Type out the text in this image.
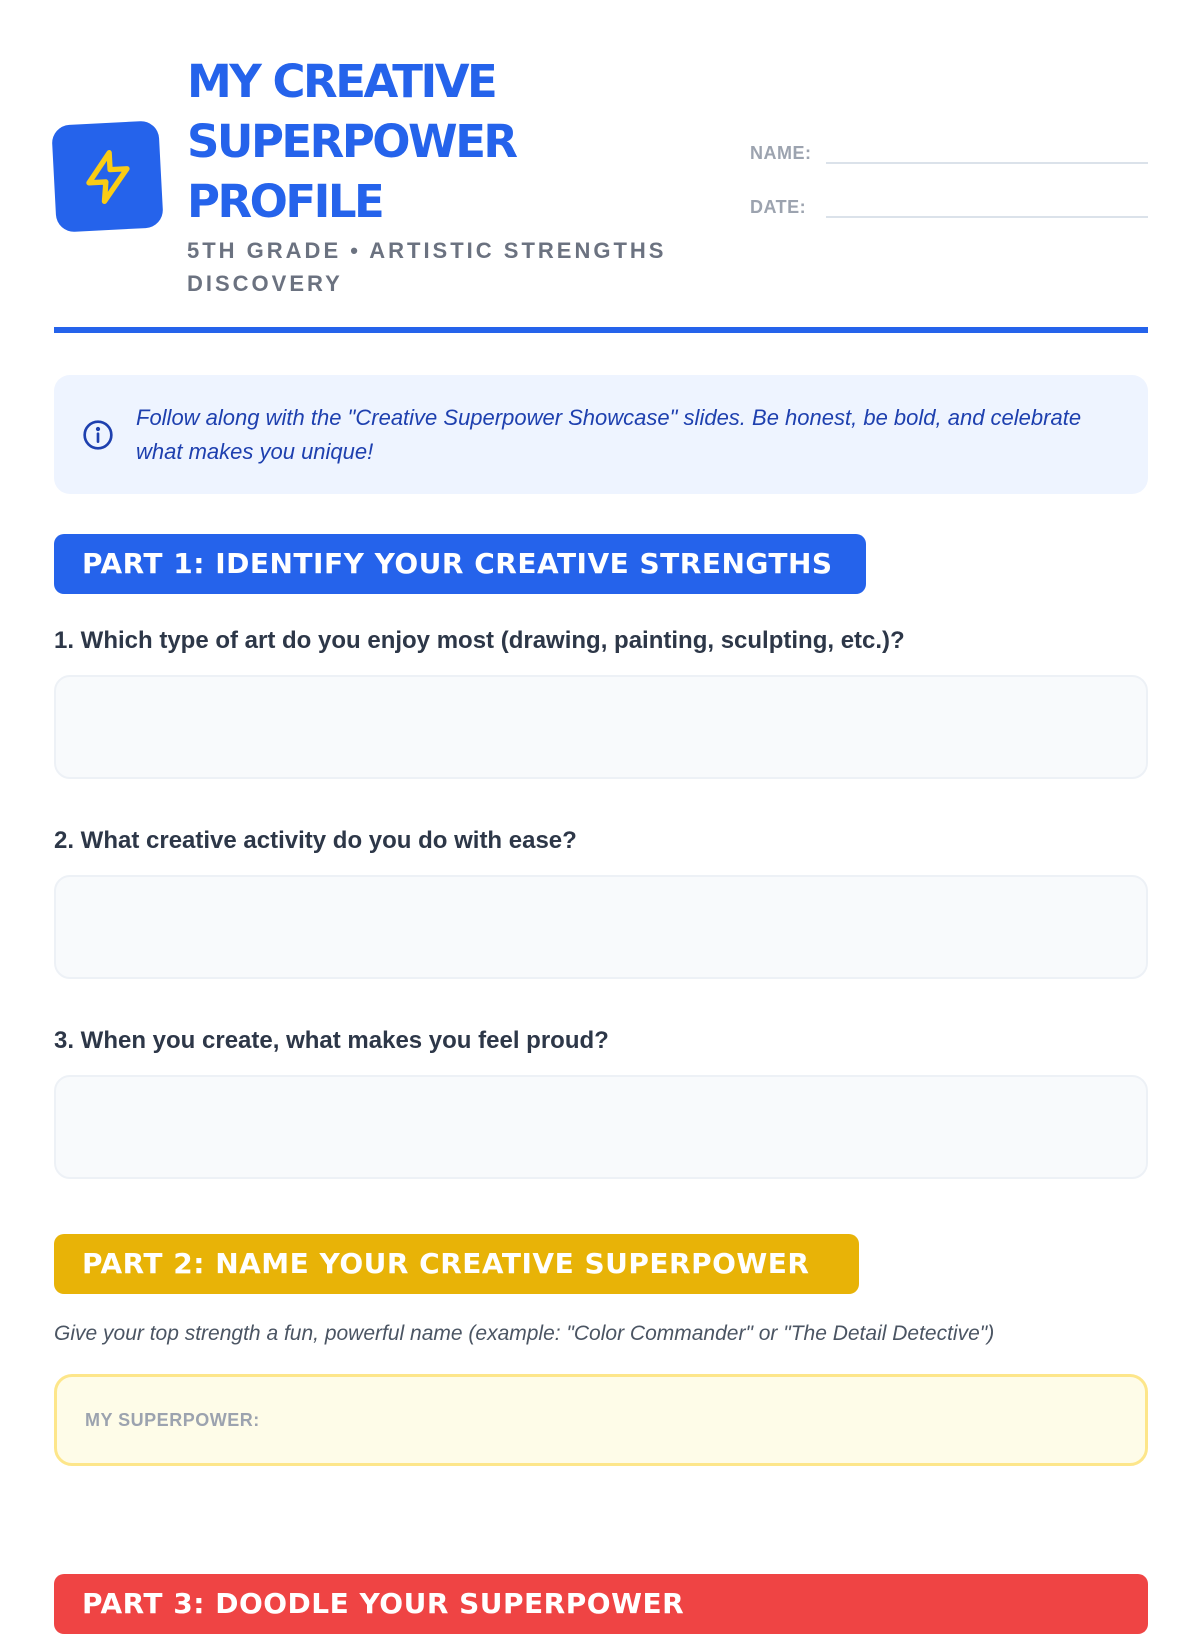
MY CREATIVE SUPERPOWER PROFILE
5TH GRADE • ARTISTIC STRENGTHS DISCOVERY
NAME:
DATE:
Follow along with the "Creative Superpower Showcase" slides. Be honest, be bold, and celebrate what makes you unique!
PART 1: IDENTIFY YOUR CREATIVE STRENGTHS
1. Which type of art do you enjoy most (drawing, painting, sculpting, etc.)?
2. What creative activity do you do with ease?
3. When you create, what makes you feel proud?
PART 2: NAME YOUR CREATIVE SUPERPOWER
Give your top strength a fun, powerful name (example: "Color Commander" or "The Detail Detective")
MY SUPERPOWER:
PART 3: DOODLE YOUR SUPERPOWER
